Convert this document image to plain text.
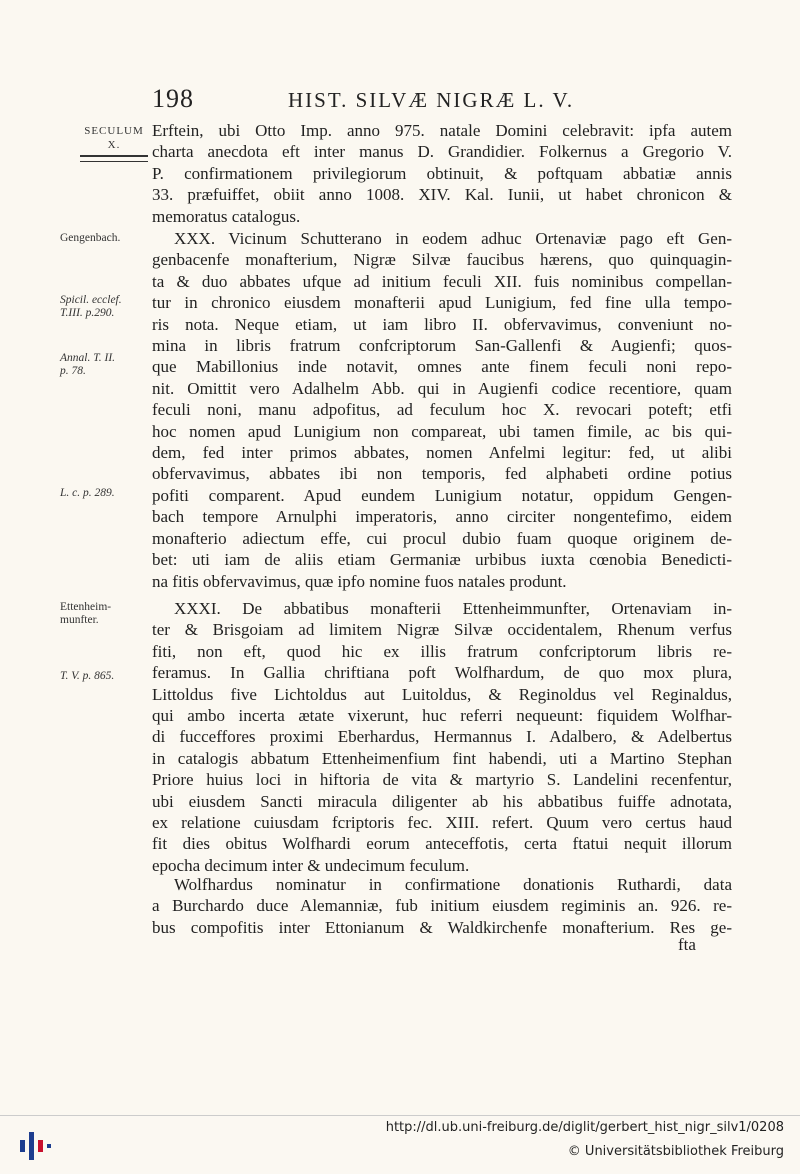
198	HIST. SILVÆ NIGRÆ L. V.
SECULUM
X.
Gengenbach.
Spicil. ecclef.
T.III. p.290.
Annal. T. II.
p. 78.
L. c. p. 289.
Ettenheim-
munfter.
T. V. p. 865.
Erftein, ubi Otto Imp. anno 975. natale Domini celebravit: ipfa autem
charta anecdota eft inter manus D. Grandidier. Folkernus a Gregorio V.
P. confirmationem privilegiorum obtinuit, & poftquam abbatiæ annis
33. præfuiffet, obiit anno 1008. XIV. Kal. Iunii, ut habet chronicon &
memoratus catalogus.
XXX. Vicinum Schutterano in eodem adhuc Ortenaviæ pago eft Gen-
genbacenfe monafterium, Nigræ Silvæ faucibus hærens, quo quinquagin-
ta & duo abbates ufque ad initium feculi XII. fuis nominibus compellan-
tur in chronico eiusdem monafterii apud Lunigium, fed fine ulla tempo-
ris nota. Neque etiam, ut iam libro II. obfervavimus, conveniunt no-
mina in libris fratrum confcriptorum San-Gallenfi & Augienfi; quos-
que Mabillonius inde notavit, omnes ante finem feculi noni repo-
nit. Omittit vero Adalhelm Abb. qui in Augienfi codice recentiore, quam
feculi noni, manu adpofitus, ad feculum hoc X. revocari poteft; etfi
hoc nomen apud Lunigium non compareat, ubi tamen fimile, ac bis qui-
dem, fed inter primos abbates, nomen Anfelmi legitur: fed, ut alibi
obfervavimus, abbates ibi non temporis, fed alphabeti ordine potius
pofiti comparent. Apud eundem Lunigium notatur, oppidum Gengen-
bach tempore Arnulphi imperatoris, anno circiter nongentefimo, eidem
monafterio adiectum effe, cui procul dubio fuam quoque originem de-
bet: uti iam de aliis etiam Germaniæ urbibus iuxta cœnobia Benedicti-
na fitis obfervavimus, quæ ipfo nomine fuos natales produnt.
XXXI. De abbatibus monafterii Ettenheimmunfter, Ortenaviam in-
ter & Brisgoiam ad limitem Nigræ Silvæ occidentalem, Rhenum verfus
fiti, non eft, quod hic ex illis fratrum confcriptorum libris re-
feramus. In Gallia chriftiana poft Wolfhardum, de quo mox plura,
Littoldus five Lichtoldus aut Luitoldus, & Reginoldus vel Reginaldus,
qui ambo incerta ætate vixerunt, huc referri nequeunt: fiquidem Wolfhar-
di fucceffores proximi Eberhardus, Hermannus I. Adalbero, & Adelbertus
in catalogis abbatum Ettenheimenfium fint habendi, uti a Martino Stephan
Priore huius loci in hiftoria de vita & martyrio S. Landelini recenfentur,
ubi eiusdem Sancti miracula diligenter ab his abbatibus fuiffe adnotata,
ex relatione cuiusdam fcriptoris fec. XIII. refert. Quum vero certus haud
fit dies obitus Wolfhardi eorum anteceffotis, certa ftatui nequit illorum
epocha decimum inter & undecimum feculum.
Wolfhardus nominatur in confirmatione donationis Ruthardi, data
a Burchardo duce Alemanniæ, fub initium eiusdem regiminis an. 926. re-
bus compofitis inter Ettonianum & Waldkirchenfe monafterium. Res ge-
fta
http://dl.ub.uni-freiburg.de/diglit/gerbert_hist_nigr_silv1/0208
© Universitätsbibliothek Freiburg
